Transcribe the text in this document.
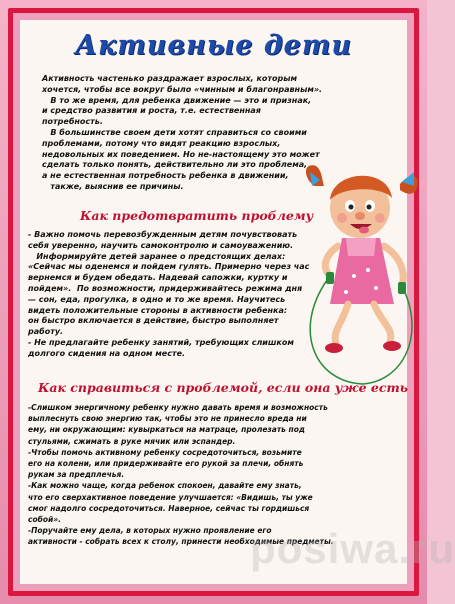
Активные дети

Активность частенько раздражает взрослых, которым
хочется, чтобы все вокруг было «чинным и благонравным».
В то же время, для ребенка движение — это и признак,
и средство развития и роста, т.е. естественная
потребность.
В большинстве своем дети хотят справиться со своими
проблемами, потому что видят реакцию взрослых,
недовольных их поведением. Но не-настоящему это может
сделать только понять, действительно ли это проблема,
а не естественная потребность ребенка в движении,
также, выяснив ее причины.

Как предотвратить проблему

- Важно помочь перевозбужденным детям почувствовать
себя уверенно, научить самоконтролю и самоуважению.
Информируйте детей заранее о предстоящих делах:
«Сейчас мы оденемся и пойдем гулять. Примерно через час
вернемся и будем обедать. Надевай сапожки, куртку и
пойдем».  По возможности, придерживайтесь режима дня
— сон, еда, прогулка, в одно и то же время. Научитесь
видеть положительные стороны в активности ребенка:
он быстро включается в действие, быстро выполняет
работу.
- Не предлагайте ребенку занятий, требующих слишком
долгого сидения на одном месте.

Как справиться с проблемой, если она уже есть

-Слишком энергичному ребенку нужно давать время и возможность
выплеснуть свою энергию так, чтобы это не принесло вреда ни
ему, ни окружающим: кувыркаться на матраце, пролезать под
стульями, сжимать в руке мячик или эспандер.
-Чтобы помочь активному ребенку сосредоточиться, возьмите
его на колени, или придерживайте его рукой за плечи, обнять
рукам за предплечья.
-Как можно чаще, когда ребенок спокоен, давайте ему знать,
что его сверхактивное поведение улучшается: «Видишь, ты уже
смог надолго сосредоточиться. Наверное, сейчас ты гордишься
собой».
-Поручайте ему дела, в которых нужно проявление его
активности - собрать всех к столу, принести необходимые предметы.

posiwa.ru
